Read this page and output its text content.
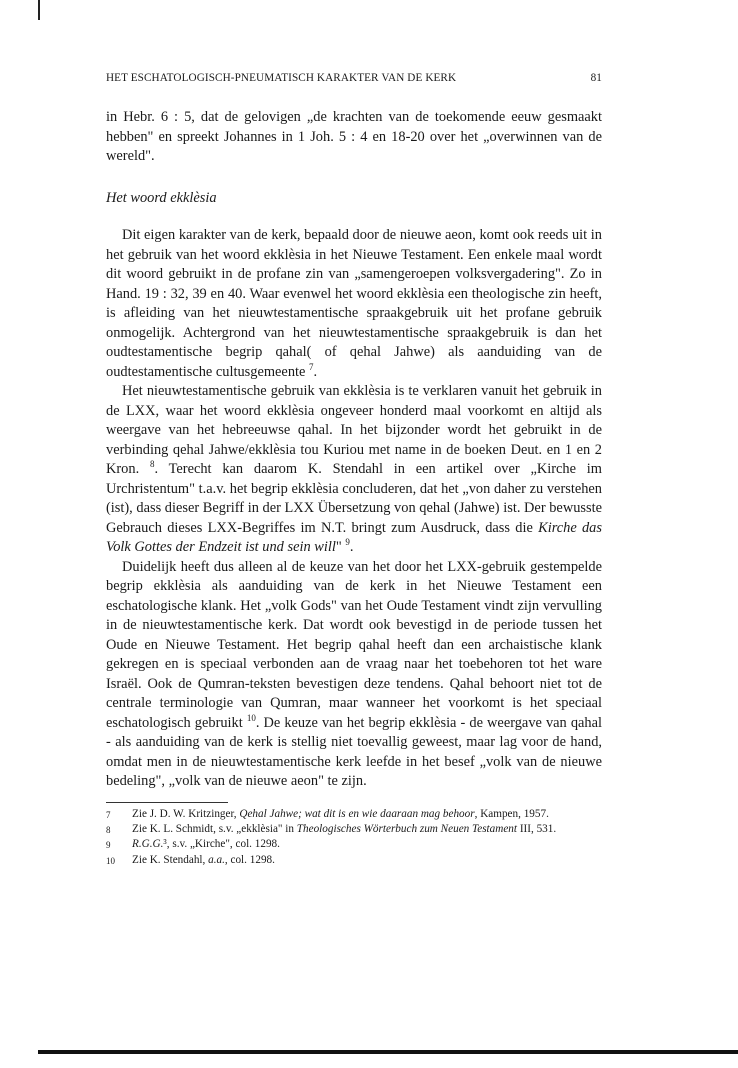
HET ESCHATOLOGISCH-PNEUMATISCH KARAKTER VAN DE KERK	81

in Hebr. 6 : 5, dat de gelovigen „de krachten van de toekomende eeuw gesmaakt hebben" en spreekt Johannes in 1 Joh. 5 : 4 en 18-20 over het „overwinnen van de wereld".

Het woord ekklèsia

Dit eigen karakter van de kerk, bepaald door de nieuwe aeon, komt ook reeds uit in het gebruik van het woord ekklèsia in het Nieuwe Testament. Een enkele maal wordt dit woord gebruikt in de profane zin van „samengeroepen volksvergadering". Zo in Hand. 19 : 32, 39 en 40. Waar evenwel het woord ekklèsia een theologische zin heeft, is afleiding van het nieuwtestamentische spraakgebruik uit het profane gebruik onmogelijk. Achtergrond van het nieuwtestamentische spraakgebruik is dan het oudtestamentische begrip qahal( of qehal Jahwe) als aanduiding van de oudtestamentische cultusgemeente $^7$.

Het nieuwtestamentische gebruik van ekklèsia is te verklaren vanuit het gebruik in de LXX, waar het woord ekklèsia ongeveer honderd maal voorkomt en altijd als weergave van het hebreeuwse qahal. In het bijzonder wordt het gebruikt in de verbinding qehal Jahwe/ekklèsia tou Kuriou met name in de boeken Deut. en 1 en 2 Kron. $^8$. Terecht kan daarom K. Stendahl in een artikel over „Kirche im Urchristentum" t.a.v. het begrip ekklèsia concluderen, dat het „von daher zu verstehen (ist), dass dieser Begriff in der LXX Übersetzung von qehal (Jahwe) ist. Der bewusste Gebrauch dieses LXX-Begriffes im N.T. bringt zum Ausdruck, dass die Kirche das Volk Gottes der Endzeit ist und sein will" $^9$.

Duidelijk heeft dus alleen al de keuze van het door het LXX-gebruik gestempelde begrip ekklèsia als aanduiding van de kerk in het Nieuwe Testament een eschatologische klank. Het „volk Gods" van het Oude Testament vindt zijn vervulling in de nieuwtestamentische kerk. Dat wordt ook bevestigd in de periode tussen het Oude en Nieuwe Testament. Het begrip qahal heeft dan een archaistische klank gekregen en is speciaal verbonden aan de vraag naar het toebehoren tot het ware Israël. Ook de Qumran-teksten bevestigen deze tendens. Qahal behoort niet tot de centrale terminologie van Qumran, maar wanneer het voorkomt is het speciaal eschatologisch gebruikt $^{10}$. De keuze van het begrip ekklèsia - de weergave van qahal - als aanduiding van de kerk is stellig niet toevallig geweest, maar lag voor de hand, omdat men in de nieuwtestamentische kerk leefde in het besef „volk van de nieuwe bedeling", „volk van de nieuwe aeon" te zijn.

7	Zie J. D. W. Kritzinger, Qehal Jahwe; wat dit is en wie daaraan mag behoor, Kampen, 1957.
8	Zie K. L. Schmidt, s.v. „ekklèsia" in Theologisches Wörterbuch zum Neuen Testament III, 531.
9	R.G.G.³, s.v. „Kirche", col. 1298.
10	Zie K. Stendahl, a.a., col. 1298.
